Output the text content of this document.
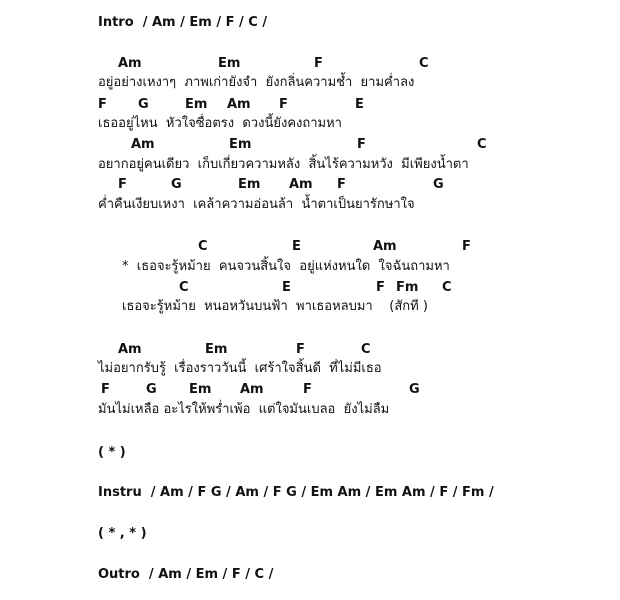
Intro  / Am / Em / F / C /
Am	Em	F	C
อยู่อย่างเหงาๆ  ภาพเก่ายังจำ  ยังกลิ่นความช้ำ  ยามค่ำลง
F G	Em Am F	E
เธออยู่ไหน  หัวใจซื่อตรง  ดวงนี้ยังคงถามหา
Am	Em	F	C
อยากอยู่คนเดียว  เก็บเกี่ยวความหลัง  สิ้นไร้ความหวัง  มีเพียงน้ำตา
F	G	Em Am F	G
ค่ำคืนเงียบเหงา  เคล้าความอ่อนล้า  น้ำตาเป็นยารักษาใจ
C	E	Am	F
*  เธอจะรู้หม้าย  คนจวนสิ้นใจ  อยู่แห่งหนใด  ใจฉันถามหา
C	E	F Fm C
เธอจะรู้หม้าย  หนอหวันบนฟ้า  พาเธอหลบมา    (สักที )
Am	Em	F	C
ไม่อยากรับรู้  เรื่องราววันนี้  เศร้าใจสิ้นดี  ที่ไม่มีเธอ
F	G Em Am	F	G
มันไม่เหลือ อะไรให้พร่ำเพ้อ  แต่ใจมันเบลอ  ยังไม่ลืม
( * )
Instru  / Am / F G / Am / F G / Em Am / Em Am / F / Fm /
( * , * )
Outro  / Am / Em / F / C /
